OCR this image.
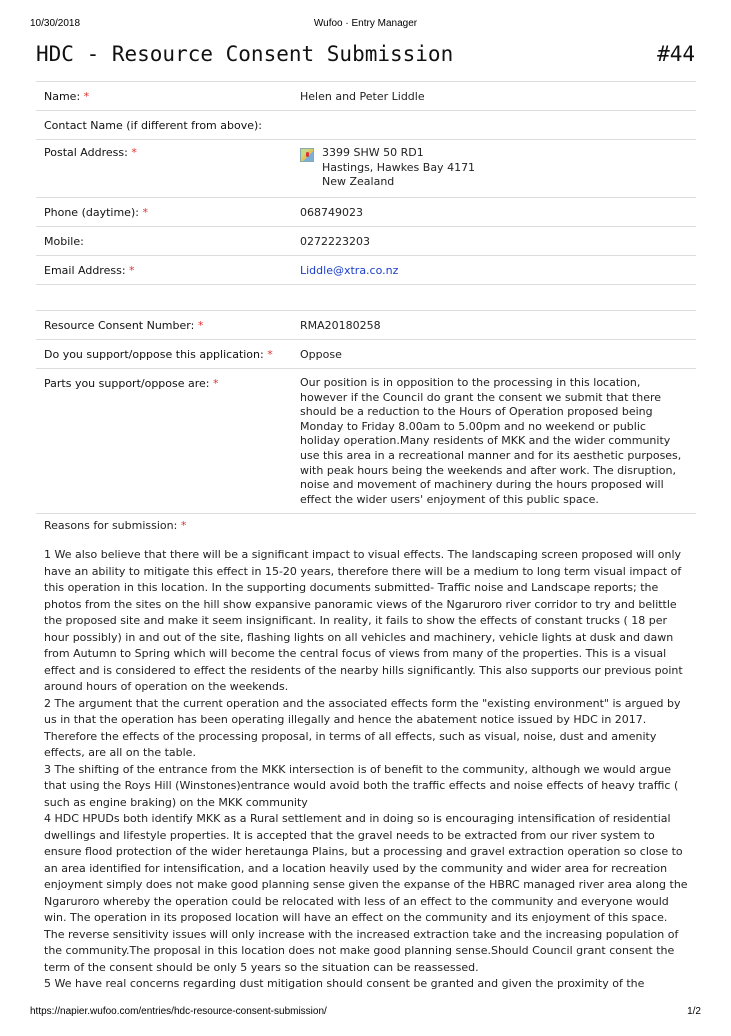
10/30/2018	Wufoo · Entry Manager
HDC - Resource Consent Submission	#44
Name: *	Helen and Peter Liddle
Contact Name (if different from above):	
Postal Address: *	3399 SHW 50 RD1
Hastings, Hawkes Bay 4171
New Zealand

Phone (daytime): *	068749023
Mobile:	0272223203
Email Address: *	Liddle@xtra.co.nz

Resource Consent Number: *	RMA20180258
Do you support/oppose this application: *	Oppose
Parts you support/oppose are: *	Our position is in opposition to the processing in this location, however if the Council do grant the consent we submit that there should be a reduction to the Hours of Operation proposed being Monday to Friday 8.00am to 5.00pm and no weekend or public holiday operation.Many residents of MKK and the wider community use this area in a recreational manner and for its aesthetic purposes, with peak hours being the weekends and after work. The disruption, noise and movement of machinery during the hours proposed will effect the wider users' enjoyment of this public space.
Reasons for submission: *

1 We also believe that there will be a significant impact to visual effects. The landscaping screen proposed will only have an ability to mitigate this effect in 15-20 years, therefore there will be a medium to long term visual impact of this operation in this location. In the supporting documents submitted- Traffic noise and Landscape reports; the photos from the sites on the hill show expansive panoramic views of the Ngaruroro river corridor to try and belittle the proposed site and make it seem insignificant. In reality, it fails to show the effects of constant trucks ( 18 per hour possibly) in and out of the site, flashing lights on all vehicles and machinery, vehicle lights at dusk and dawn from Autumn to Spring which will become the central focus of views from many of the properties. This is a visual effect and is considered to effect the residents of the nearby hills significantly. This also supports our previous point around hours of operation on the weekends.

2 The argument that the current operation and the associated effects form the "existing environment" is argued by us in that the operation has been operating illegally and hence the abatement notice issued by HDC in 2017. Therefore the effects of the processing proposal, in terms of all effects, such as visual, noise, dust and amenity effects, are all on the table.

3 The shifting of the entrance from the MKK intersection is of benefit to the community, although we would argue that using the Roys Hill (Winstones)entrance would avoid both the traffic effects and noise effects of heavy traffic ( such as engine braking) on the MKK community

4 HDC HPUDs both identify MKK as a Rural settlement and in doing so is encouraging intensification of residential dwellings and lifestyle properties. It is accepted that the gravel needs to be extracted from our river system to ensure flood protection of the wider heretaunga Plains, but a processing and gravel extraction operation so close to an area identified for intensification, and a location heavily used by the community and wider area for recreation enjoyment simply does not make good planning sense given the expanse of the HBRC managed river area along the Ngaruroro whereby the operation could be relocated with less of an effect to the community and everyone would win. The operation in its proposed location will have an effect on the community and its enjoyment of this space. The reverse sensitivity issues will only increase with the increased extraction take and the increasing population of the community.The proposal in this location does not make good planning sense.Should Council grant consent the term of the consent should be only 5 years so the situation can be reassessed.

5 We have real concerns regarding dust mitigation should consent be granted and given the proximity of the

https://napier.wufoo.com/entries/hdc-resource-consent-submission/	1/2
